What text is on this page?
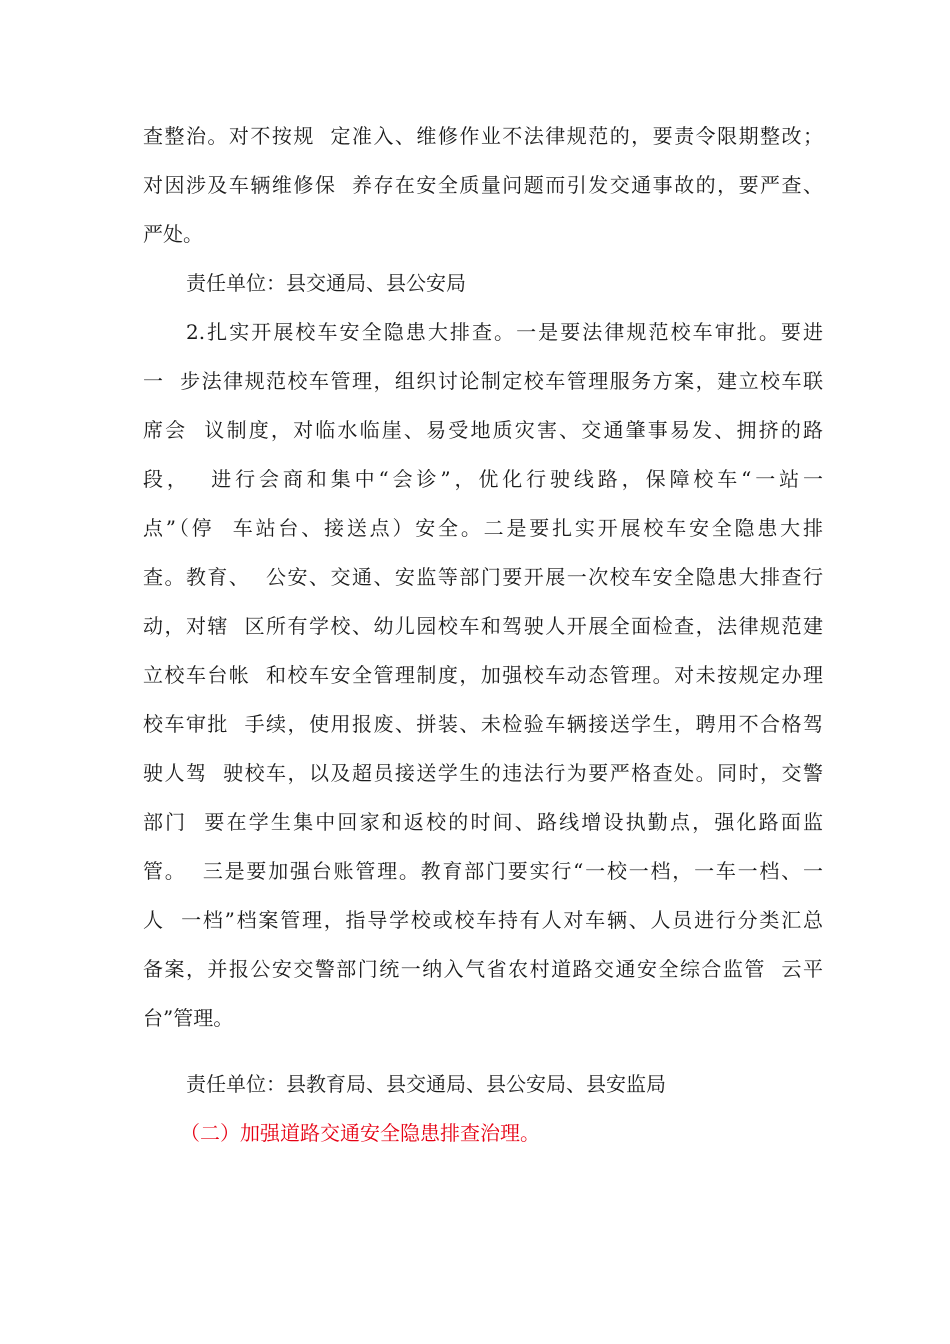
查整治。对不按规  定准入、维修作业不法律规范的，要责令限期整改；
对因涉及车辆维修保  养存在安全质量问题而引发交通事故的，要严查、
严处。
责任单位：县交通局、县公安局
2.扎实开展校车安全隐患大排查。一是要法律规范校车审批。要进
一  步法律规范校车管理，组织讨论制定校车管理服务方案，建立校车联
席会  议制度，对临水临崖、易受地质灾害、交通肇事易发、拥挤的路
段，  进行会商和集中“会诊”，优化行驶线路，保障校车“一站一
点”（停  车站台、接送点）安全。二是要扎实开展校车安全隐患大排
查。教育、  公安、交通、安监等部门要开展一次校车安全隐患大排查行
动，对辖  区所有学校、幼儿园校车和驾驶人开展全面检查，法律规范建
立校车台帐  和校车安全管理制度，加强校车动态管理。对未按规定办理
校车审批  手续，使用报废、拼装、未检验车辆接送学生，聘用不合格驾
驶人驾  驶校车，以及超员接送学生的违法行为要严格查处。同时，交警
部门  要在学生集中回家和返校的时间、路线增设执勤点，强化路面监
管。  三是要加强台账管理。教育部门要实行“一校一档，一车一档、一
人  一档”档案管理，指导学校或校车持有人对车辆、人员进行分类汇总
备案，并报公安交警部门统一纳入气省农村道路交通安全综合监管  云平
台”管理。
责任单位：县教育局、县交通局、县公安局、县安监局
（二）加强道路交通安全隐患排查治理。
